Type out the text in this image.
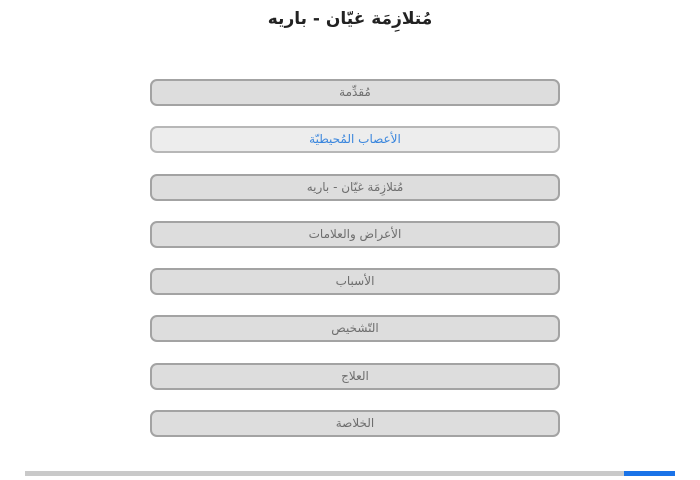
مُتلازِمَة غيّان - باريه
مُقدِّمة
الأعصاب المُحيطيّة
مُتلازِمَة غيّان - باريه
الأعراض والعلامات
الأسباب
التّشخيص
العلاج
الخلاصة
